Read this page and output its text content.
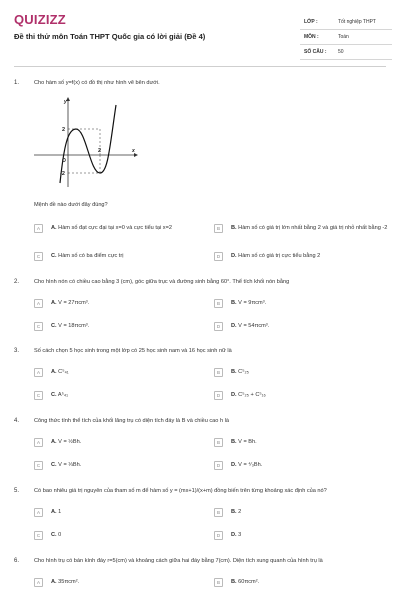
QUIZIZZ
Đề thi thử môn Toán THPT Quốc gia có lời giải (Đề 4)
LỚP :	Tốt nghiệp THPT
MÔN :	Toán
SỐ CÂU : 50
1.	Cho hàm số y=f(x) có đồ thị như hình vẽ bên dưới.
y
x
O
2
-2
2
Mệnh đề nào dưới đây đúng?
A	A. Hàm số đạt cực đại tại x=0 và cực tiểu tại x=2	B	B. Hàm số có giá trị lớn nhất bằng 2 và giá trị nhỏ nhất bằng -2
C	C. Hàm số có ba điểm cực trị	D	D. Hàm số có giá trị cực tiểu bằng 2
2.	Cho hình nón có chiều cao bằng 3 (cm), góc giữa trục và đường sinh bằng 60°. Thể tích khối nón bằng
A	A. V = 27πcm³.	B	B. V = 9πcm³.
C	C. V = 18πcm³.	D	D. V = 54πcm³.
3.	Số cách chọn 5 học sinh trong một lớp có 25 học sinh nam và 16 học sinh nữ là
A	A. C⁵₄₁	B	B. C⁵₂₅
C	C. A⁵₄₁	D	D. C⁵₂₅ + C⁵₁₆
4.	Công thức tính thể tích của khối lăng trụ có diện tích đáy là B và chiều cao h là
A	A. V = ½Bh.	B	B. V = Bh.
C	C. V = ⅓Bh.	D	D. V = ⁴⁄₃Bh.
5.	Có bao nhiêu giá trị nguyên của tham số m để hàm số y = (mx+1)/(x+m) đồng biến trên từng khoảng xác định của nó?
A	A. 1	B	B. 2
C	C. 0	D	D. 3
6.	Cho hình trụ có bán kính đáy r=5(cm) và khoảng cách giữa hai đáy bằng 7(cm). Diện tích xung quanh của hình trụ là
A	A. 35πcm².	B	B. 60πcm².
